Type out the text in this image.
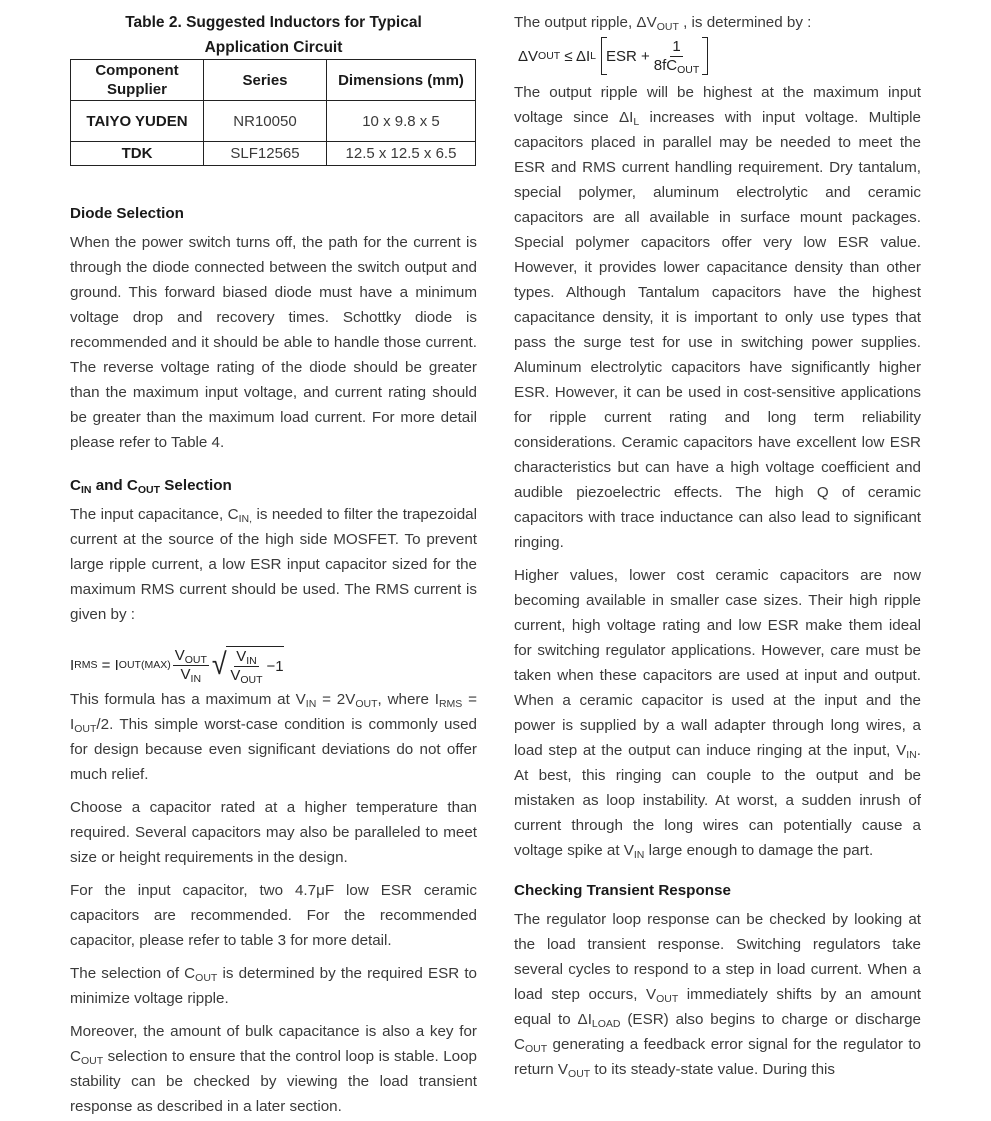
Table 2. Suggested Inductors for Typical
Application Circuit
Component Supplier	Series	Dimensions (mm)
TAIYO YUDEN	NR10050	10 x 9.8 x 5
TDK	SLF12565	12.5 x 12.5 x 6.5
Diode Selection

When the power switch turns off, the path for the current is through the diode connected between the switch output and ground. This forward biased diode must have a minimum voltage drop and recovery times. Schottky diode is recommended and it should be able to handle those current. The reverse voltage rating of the diode should be greater than the maximum input voltage, and current rating should be greater than the maximum load current. For more detail please refer to Table 4.

$C_{IN}$ and $C_{OUT}$ Selection

The input capacitance, $C_{IN,}$ is needed to filter the trapezoidal current at the source of the high side MOSFET. To prevent large ripple current, a low ESR input capacitor sized for the maximum RMS current should be used. The RMS current is given by :

I RMS = I $OUT(MAX) \frac{V_{OUT}}{V_{IN}}$ √ $\frac{V_{IN}}{V_{OUT}} -1$

This formula has a maximum at $V_{IN} = 2V_{OUT}$, where $I_{RMS} = I_{OUT}/2$. This simple worst-case condition is commonly used for design because even significant deviations do not offer much relief.

Choose a capacitor rated at a higher temperature than required. Several capacitors may also be paralleled to meet size or height requirements in the design.

For the input capacitor, two 4.7μF low ESR ceramic capacitors are recommended. For the recommended capacitor, please refer to table 3 for more detail.

The selection of $C_{OUT}$ is determined by the required ESR to minimize voltage ripple.

Moreover, the amount of bulk capacitance is also a key for $C_{OUT}$ selection to ensure that the control loop is stable. Loop stability can be checked by viewing the load transient response as described in a later section.

The output ripple, $\Delta V_{OUT}$ , is determined by :

ΔV OUT ≤ ΔI L ESR + $\frac{1}{8fC_{OUT}}$

The output ripple will be highest at the maximum input voltage since $\Delta I_L$ increases with input voltage. Multiple capacitors placed in parallel may be needed to meet the ESR and RMS current handling requirement. Dry tantalum, special polymer, aluminum electrolytic and ceramic capacitors are all available in surface mount packages. Special polymer capacitors offer very low ESR value. However, it provides lower capacitance density than other types. Although Tantalum capacitors have the highest capacitance density, it is important to only use types that pass the surge test for use in switching power supplies. Aluminum electrolytic capacitors have significantly higher ESR. However, it can be used in cost-sensitive applications for ripple current rating and long term reliability considerations. Ceramic capacitors have excellent low ESR characteristics but can have a high voltage coefficient and audible piezoelectric effects. The high Q of ceramic capacitors with trace inductance can also lead to significant ringing.

Higher values, lower cost ceramic capacitors are now becoming available in smaller case sizes. Their high ripple current, high voltage rating and low ESR make them ideal for switching regulator applications. However, care must be taken when these capacitors are used at input and output. When a ceramic capacitor is used at the input and the power is supplied by a wall adapter through long wires, a load step at the output can induce ringing at the input, $V_{IN}$. At best, this ringing can couple to the output and be mistaken as loop instability. At worst, a sudden inrush of current through the long wires can potentially cause a voltage spike at $V_{IN}$ large enough to damage the part.

Checking Transient Response

The regulator loop response can be checked by looking at the load transient response. Switching regulators take several cycles to respond to a step in load current. When a load step occurs, $V_{OUT}$ immediately shifts by an amount equal to $\Delta I_{LOAD}$ (ESR) also begins to charge or discharge $C_{OUT}$ generating a feedback error signal for the regulator to return $V_{OUT}$ to its steady-state value. During this
